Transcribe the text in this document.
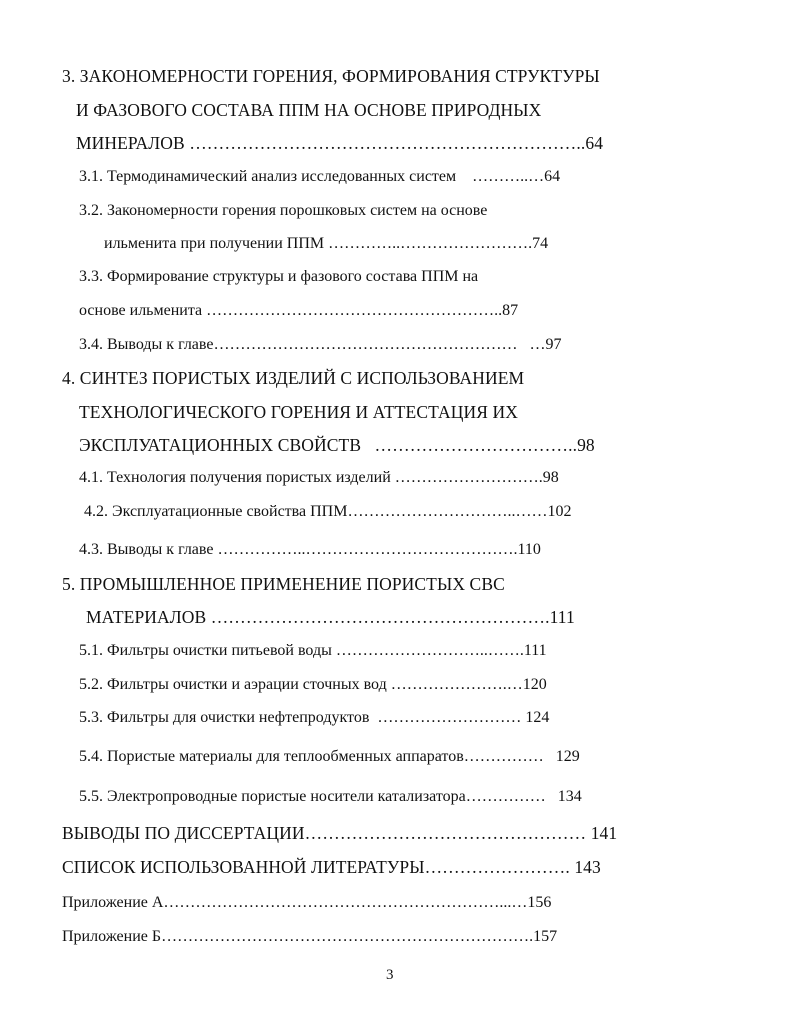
3. ЗАКОНОМЕРНОСТИ ГОРЕНИЯ, ФОРМИРОВАНИЯ СТРУКТУРЫ
И ФАЗОВОГО СОСТАВА ППМ НА ОСНОВЕ ПРИРОДНЫХ
МИНЕРАЛОВ …………………………………………………………..64
3.1. Термодинамический анализ исследованных систем    ………..…64
3.2. Закономерности горения порошковых систем на основе
ильменита при получении ППМ …………..…………………….74
3.3. Формирование структуры и фазового состава ППМ на
основе ильменита ………………………………………………..87
3.4. Выводы к главе…………………………………………………   …97
4. СИНТЕЗ ПОРИСТЫХ ИЗДЕЛИЙ С ИСПОЛЬЗОВАНИЕМ
ТЕХНОЛОГИЧЕСКОГО ГОРЕНИЯ И АТТЕСТАЦИЯ ИХ
ЭКСПЛУАТАЦИОННЫХ СВОЙСТВ   ……………………………..98
4.1. Технология получения пористых изделий ……………………….98
4.2. Эксплуатационные свойства ППМ…………………………..……102
4.3. Выводы к главе ……………..………………………………….110
5. ПРОМЫШЛЕННОЕ ПРИМЕНЕНИЕ ПОРИСТЫХ СВС
МАТЕРИАЛОВ ………………………………………………….111
5.1. Фильтры очистки питьевой воды ………………………..…….111
5.2. Фильтры очистки и аэрации сточных вод ………………….…120
5.3. Фильтры для очистки нефтепродуктов  ……………………… 124
5.4. Пористые материалы для теплообменных аппаратов……………   129
5.5. Электропроводные пористые носители катализатора……………   134
ВЫВОДЫ ПО ДИССЕРТАЦИИ………………………………………… 141
СПИСОК ИСПОЛЬЗОВАННОЙ ЛИТЕРАТУРЫ……………………. 143
Приложение А………………………………………………………...…156
Приложение Б…………………………………………………………….157
3
